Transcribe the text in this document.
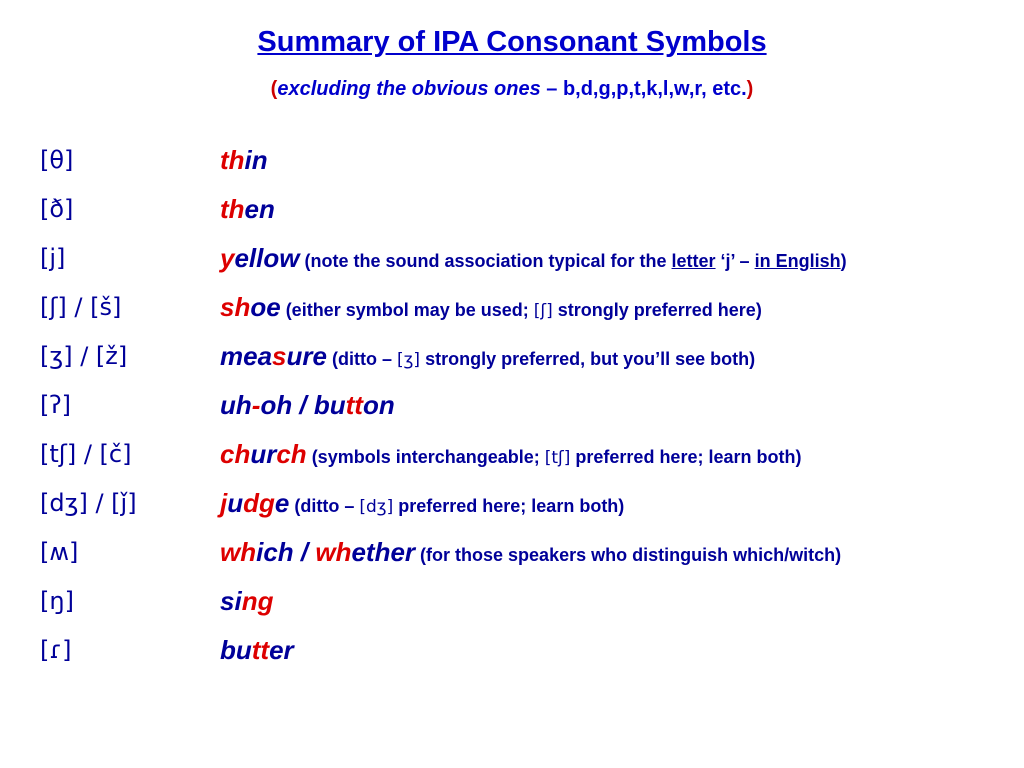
Summary of IPA Consonant Symbols
(excluding the obvious ones – b,d,g,p,t,k,l,w,r, etc.)
[θ]	thin
[ð]	then
[j]	yellow (note the sound association typical for the letter ‘j’ – in English)
[ʃ] / [š]	shoe (either symbol may be used; [ʃ] strongly preferred here)
[ʒ] / [ž]	measure (ditto – [ʒ] strongly preferred, but you’ll see both)
[ʔ]	uh-oh / button
[tʃ] / [č]	church (symbols interchangeable; [tʃ] preferred here; learn both)
[dʒ] / [ǰ]	judge (ditto – [dʒ] preferred here; learn both)
[ʍ]	which / whether (for those speakers who distinguish which/witch)
[ŋ]	sing
[ɾ]	butter
